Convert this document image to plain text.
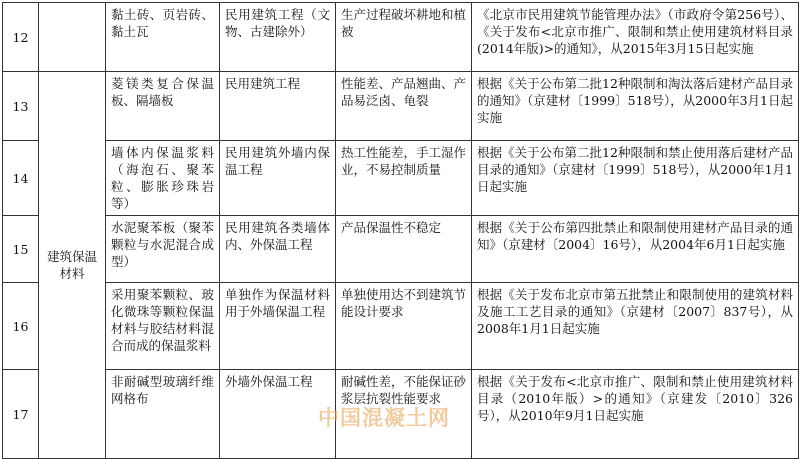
12		黏土砖、页岩砖、黏土瓦	民用建筑工程（文物、古建除外）	生产过程破坏耕地和植被	《北京市民用建筑节能管理办法》（市政府令第256号）、《关于发布<北京市推广、限制和禁止使用建筑材料目录(2014年版)>的通知》，从2015年3月15日起实施
13	建筑保温材料	菱镁类复合保温板、隔墙板	民用建筑工程	性能差、产品翘曲、产品易泛卤、龟裂	根据《关于公布第二批12种限制和淘汰落后建材产品目录的通知》（京建材〔1999〕518号），从2000年3月1日起实施
14		墙体内保温浆料（海泡石、聚苯粒、膨胀珍珠岩等）	民用建筑外墙内保温工程	热工性能差，手工湿作业，不易控制质量	根据《关于公布第二批12种限制和禁止使用落后建材产品目录的通知》（京建材〔1999〕518号），从2000年1月1日起实施
15		水泥聚苯板（聚苯颗粒与水泥混合成型）	民用建筑各类墙体内、外保温工程	产品保温性不稳定	根据《关于公布第四批禁止和限制使用建材产品目录的通知》（京建材〔2004〕16号），从2004年6月1日起实施
16		采用聚苯颗粒、玻化微珠等颗粒保温材料与胶结材料混合而成的保温浆料	单独作为保温材料用于外墙保温工程	单独使用达不到建筑节能设计要求	根据《关于发布北京市第五批禁止和限制使用的建筑材料及施工工艺目录的通知》（京建材〔2007〕837号），从2008年1月1日起实施
17		非耐碱型玻璃纤维网格布	外墙外保温工程	耐碱性差，不能保证砂浆层抗裂性能要求	根据《关于发布<北京市推广、限制和禁止使用建筑材料目录（2010年版）>的通知》（京建发〔2010〕326号），从2010年9月1日起实施
中国混凝土网
